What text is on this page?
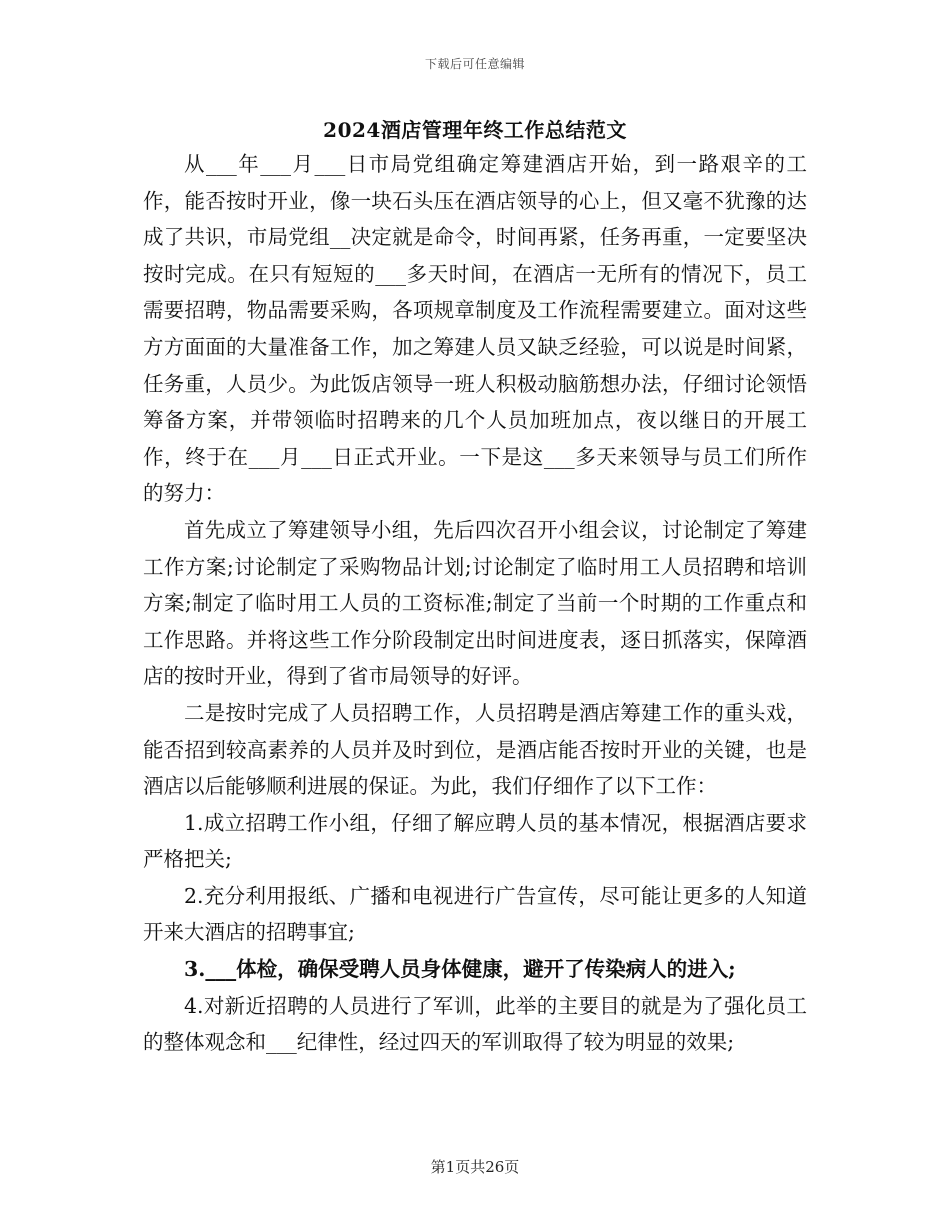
下载后可任意编辑
2024酒店管理年终工作总结范文

从___年___月___日市局党组确定筹建酒店开始，到一路艰辛的工作，能否按时开业，像一块石头压在酒店领导的心上，但又毫不犹豫的达成了共识，市局党组__决定就是命令，时间再紧，任务再重，一定要坚决按时完成。在只有短短的___多天时间，在酒店一无所有的情况下，员工需要招聘，物品需要采购，各项规章制度及工作流程需要建立。面对这些方方面面的大量准备工作，加之筹建人员又缺乏经验，可以说是时间紧，任务重，人员少。为此饭店领导一班人积极动脑筋想办法，仔细讨论领悟筹备方案，并带领临时招聘来的几个人员加班加点，夜以继日的开展工作，终于在___月___日正式开业。一下是这___多天来领导与员工们所作的努力：

首先成立了筹建领导小组，先后四次召开小组会议，讨论制定了筹建工作方案;讨论制定了采购物品计划;讨论制定了临时用工人员招聘和培训方案;制定了临时用工人员的工资标准;制定了当前一个时期的工作重点和工作思路。并将这些工作分阶段制定出时间进度表，逐日抓落实，保障酒店的按时开业，得到了省市局领导的好评。

二是按时完成了人员招聘工作，人员招聘是酒店筹建工作的重头戏，能否招到较高素养的人员并及时到位，是酒店能否按时开业的关键，也是酒店以后能够顺利进展的保证。为此，我们仔细作了以下工作：

1.成立招聘工作小组，仔细了解应聘人员的基本情况，根据酒店要求严格把关;

2.充分利用报纸、广播和电视进行广告宣传，尽可能让更多的人知道开来大酒店的招聘事宜;

3.___体检，确保受聘人员身体健康，避开了传染病人的进入;

4.对新近招聘的人员进行了军训，此举的主要目的就是为了强化员工的整体观念和___纪律性，经过四天的军训取得了较为明显的效果;

第1页共26页
